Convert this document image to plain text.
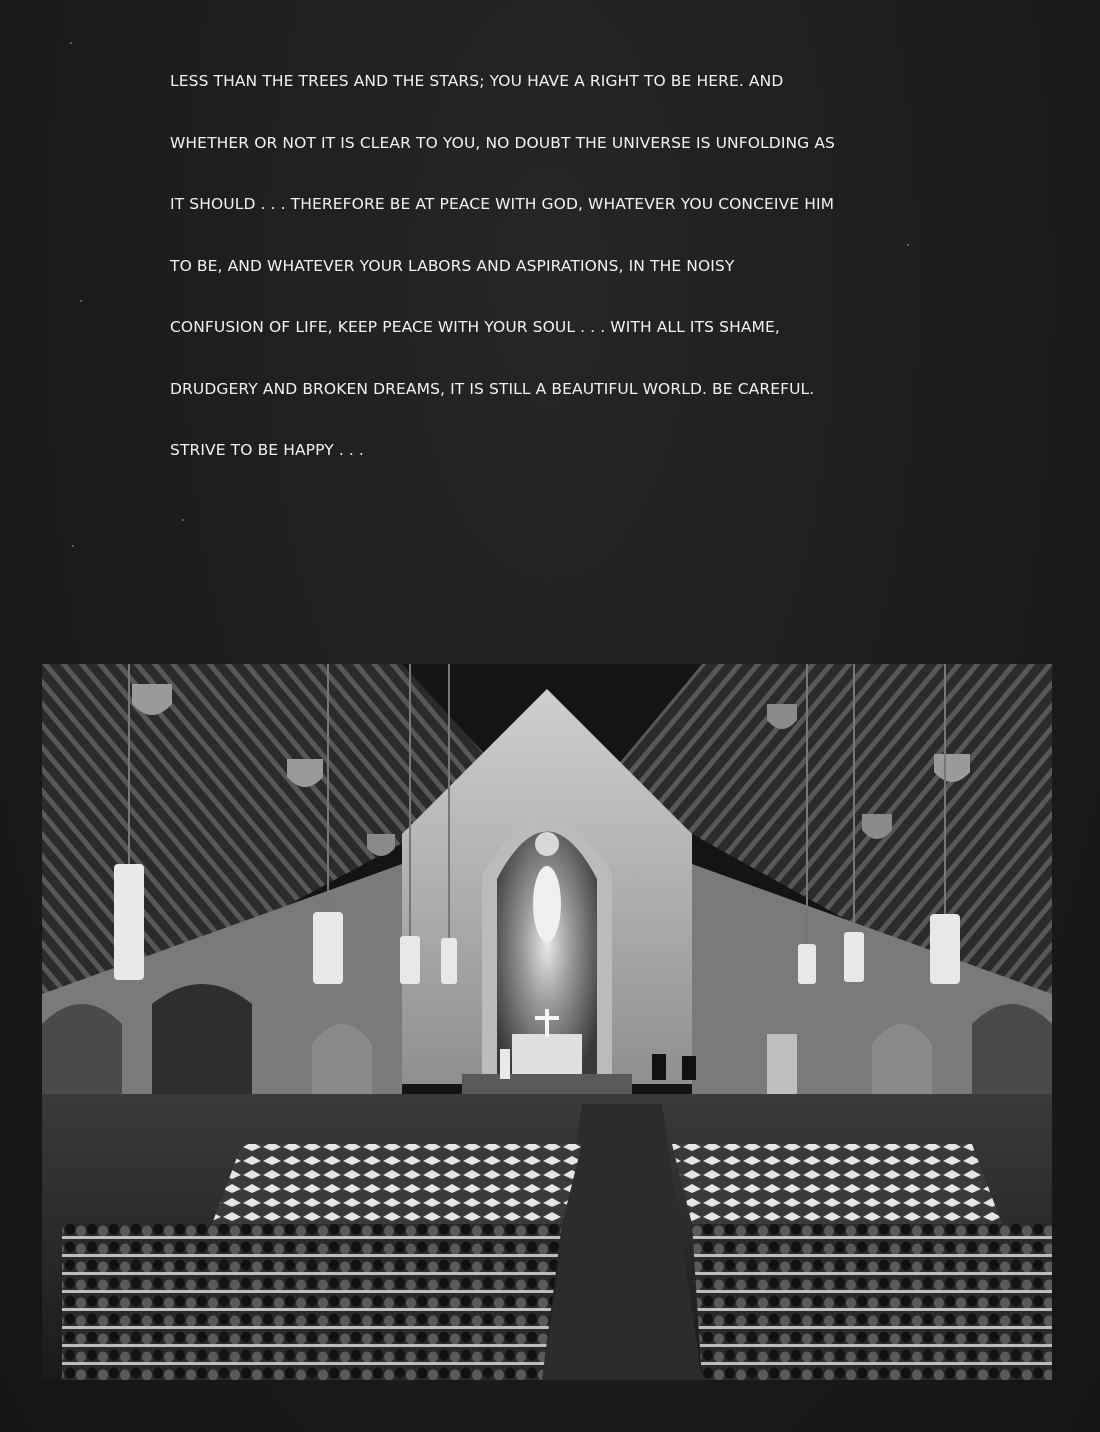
LESS THAN THE TREES AND THE STARS; YOU HAVE A RIGHT TO BE HERE. AND
WHETHER OR NOT IT IS CLEAR TO YOU, NO DOUBT THE UNIVERSE IS UNFOLDING AS
IT SHOULD . . . THEREFORE BE AT PEACE WITH GOD, WHATEVER YOU CONCEIVE HIM
TO BE, AND WHATEVER YOUR LABORS AND ASPIRATIONS, IN THE NOISY
CONFUSION OF LIFE, KEEP PEACE WITH YOUR SOUL . . . WITH ALL ITS SHAME,
DRUDGERY AND BROKEN DREAMS, IT IS STILL A BEAUTIFUL WORLD. BE CAREFUL.
STRIVE TO BE HAPPY . . .
